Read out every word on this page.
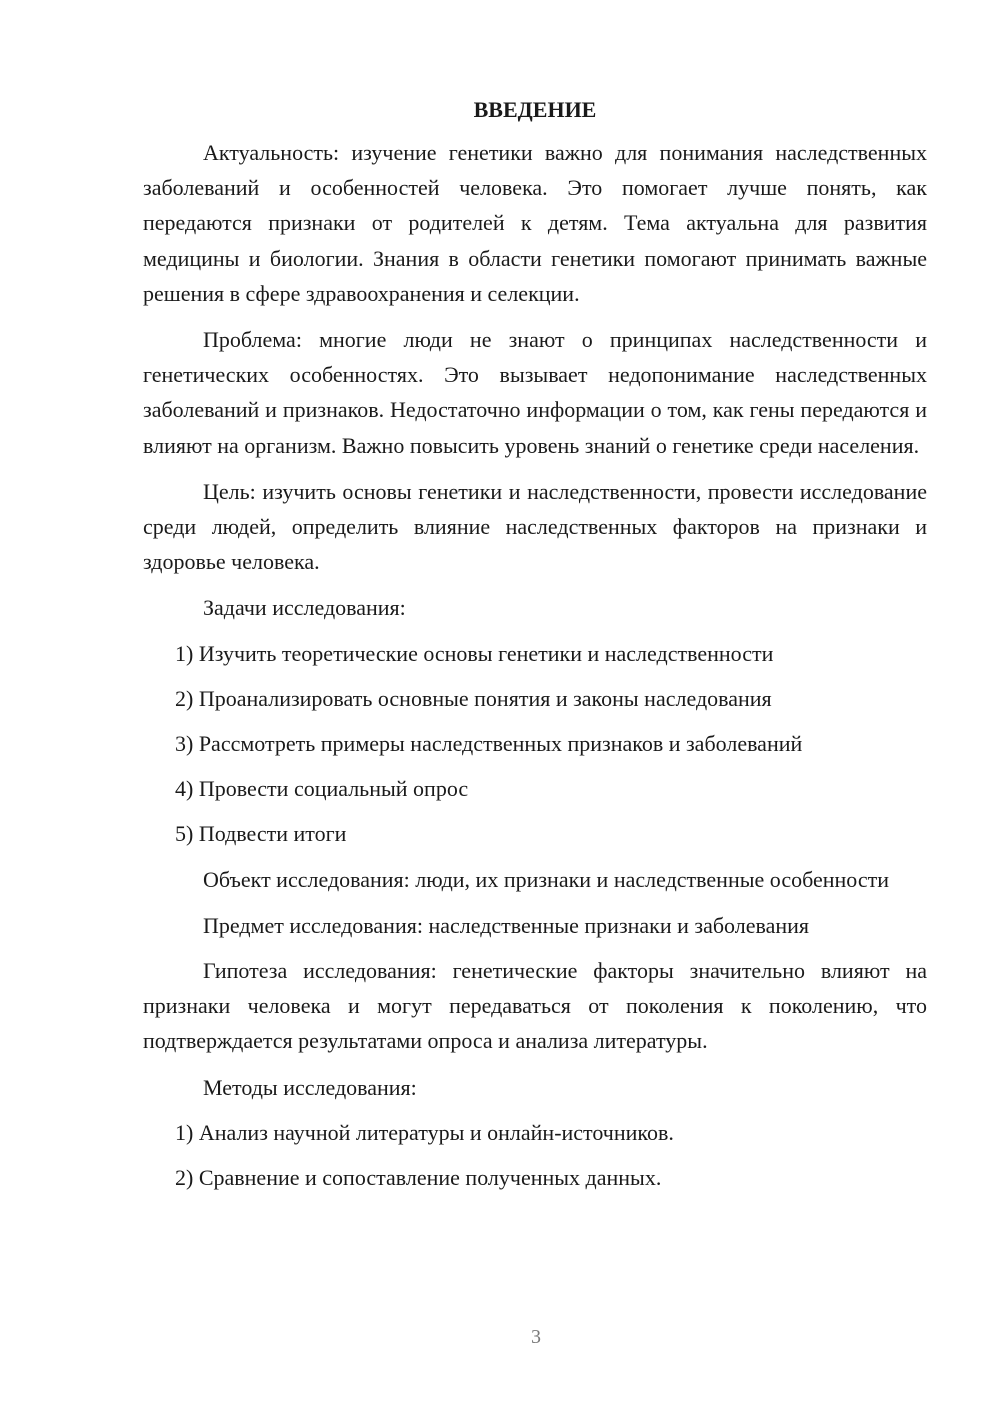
ВВЕДЕНИЕ

Актуальность: изучение генетики важно для понимания наследственных заболеваний и особенностей человека. Это помогает лучше понять, как передаются признаки от родителей к детям. Тема актуальна для развития медицины и биологии. Знания в области генетики помогают принимать важные решения в сфере здравоохранения и селекции.

Проблема: многие люди не знают о принципах наследственности и генетических особенностях. Это вызывает недопонимание наследственных заболеваний и признаков. Недостаточно информации о том, как гены передаются и влияют на организм. Важно повысить уровень знаний о генетике среди населения.

Цель: изучить основы генетики и наследственности, провести исследование среди людей, определить влияние наследственных факторов на признаки и здоровье человека.

Задачи исследования:

1) Изучить теоретические основы генетики и наследственности
2) Проанализировать основные понятия и законы наследования
3) Рассмотреть примеры наследственных признаков и заболеваний
4) Провести социальный опрос
5) Подвести итоги

Объект исследования: люди, их признаки и наследственные особенности

Предмет исследования: наследственные признаки и заболевания

Гипотеза исследования: генетические факторы значительно влияют на признаки человека и могут передаваться от поколения к поколению, что подтверждается результатами опроса и анализа литературы.

Методы исследования:

1) Анализ научной литературы и онлайн-источников.
2) Сравнение и сопоставление полученных данных.
3
